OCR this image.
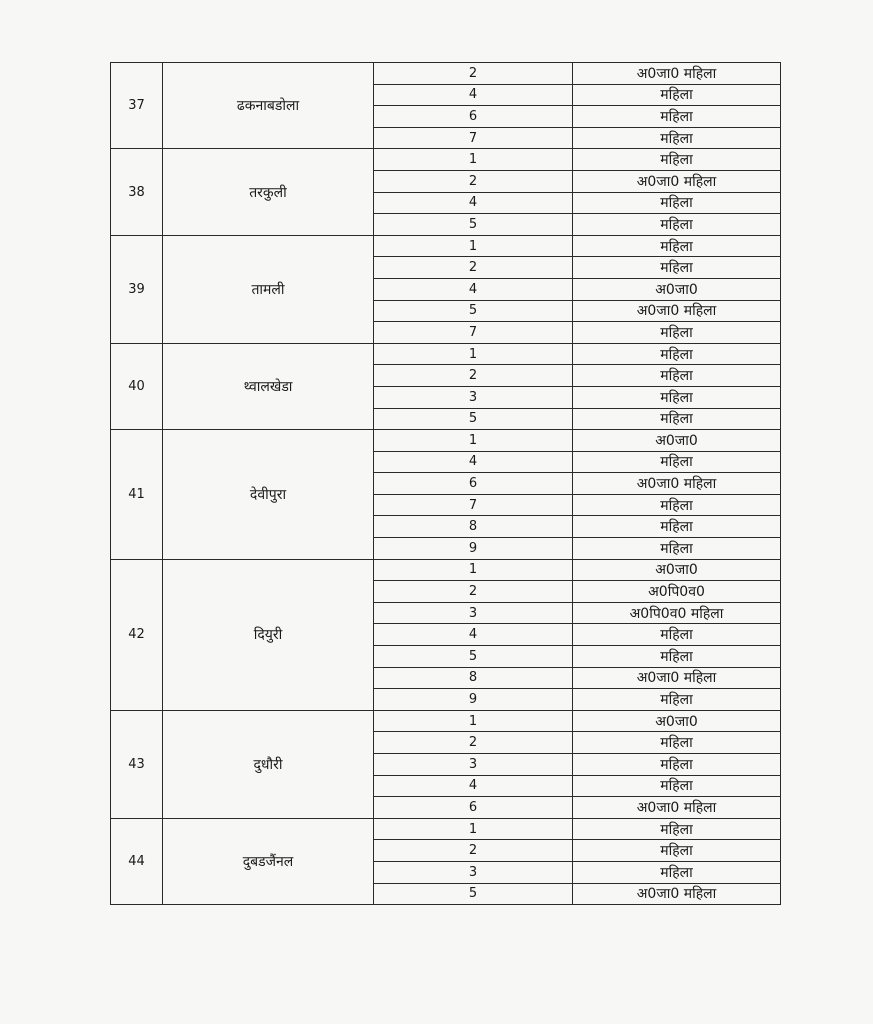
37	ढकनाबडोला	2	अ0जा0 महिला
		4	महिला
		6	महिला
		7	महिला
38	तरकुली	1	महिला
		2	अ0जा0 महिला
		4	महिला
		5	महिला
39	तामली	1	महिला
		2	महिला
		4	अ0जा0
		5	अ0जा0 महिला
		7	महिला
40	थ्वालखेडा	1	महिला
		2	महिला
		3	महिला
		5	महिला
41	देवीपुरा	1	अ0जा0
		4	महिला
		6	अ0जा0 महिला
		7	महिला
		8	महिला
		9	महिला
42	दियुरी	1	अ0जा0
		2	अ0पि0व0
		3	अ0पि0व0 महिला
		4	महिला
		5	महिला
		8	अ0जा0 महिला
		9	महिला
43	दुधौरी	1	अ0जा0
		2	महिला
		3	महिला
		4	महिला
		6	अ0जा0 महिला
44	दुबडजैंनल	1	महिला
		2	महिला
		3	महिला
		5	अ0जा0 महिला
